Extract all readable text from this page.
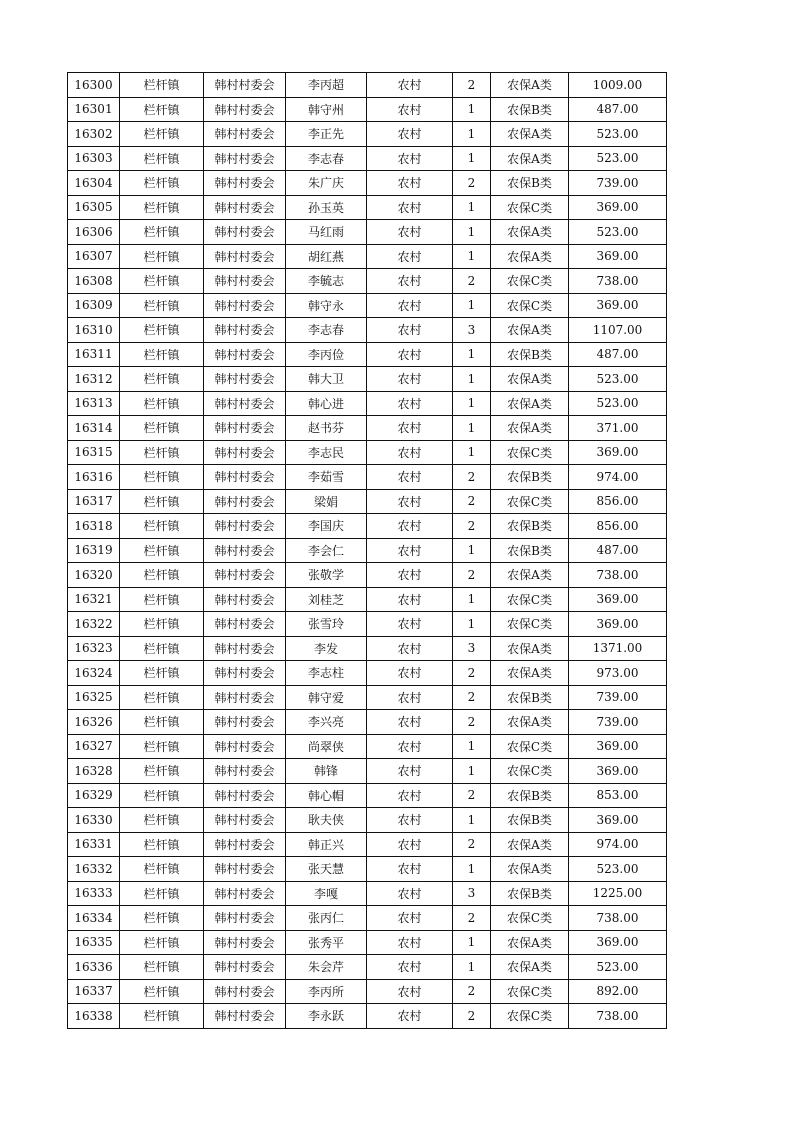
16300	栏杆镇	韩村村委会	李丙超	农村	2	农保A类	1009.00
16301	栏杆镇	韩村村委会	韩守州	农村	1	农保B类	487.00
16302	栏杆镇	韩村村委会	李正先	农村	1	农保A类	523.00
16303	栏杆镇	韩村村委会	李志春	农村	1	农保A类	523.00
16304	栏杆镇	韩村村委会	朱广庆	农村	2	农保B类	739.00
16305	栏杆镇	韩村村委会	孙玉英	农村	1	农保C类	369.00
16306	栏杆镇	韩村村委会	马红雨	农村	1	农保A类	523.00
16307	栏杆镇	韩村村委会	胡红燕	农村	1	农保A类	369.00
16308	栏杆镇	韩村村委会	李毓志	农村	2	农保C类	738.00
16309	栏杆镇	韩村村委会	韩守永	农村	1	农保C类	369.00
16310	栏杆镇	韩村村委会	李志春	农村	3	农保A类	1107.00
16311	栏杆镇	韩村村委会	李丙俭	农村	1	农保B类	487.00
16312	栏杆镇	韩村村委会	韩大卫	农村	1	农保A类	523.00
16313	栏杆镇	韩村村委会	韩心进	农村	1	农保A类	523.00
16314	栏杆镇	韩村村委会	赵书芬	农村	1	农保A类	371.00
16315	栏杆镇	韩村村委会	李志民	农村	1	农保C类	369.00
16316	栏杆镇	韩村村委会	李茹雪	农村	2	农保B类	974.00
16317	栏杆镇	韩村村委会	梁娟	农村	2	农保C类	856.00
16318	栏杆镇	韩村村委会	李国庆	农村	2	农保B类	856.00
16319	栏杆镇	韩村村委会	李会仁	农村	1	农保B类	487.00
16320	栏杆镇	韩村村委会	张敬学	农村	2	农保A类	738.00
16321	栏杆镇	韩村村委会	刘桂芝	农村	1	农保C类	369.00
16322	栏杆镇	韩村村委会	张雪玲	农村	1	农保C类	369.00
16323	栏杆镇	韩村村委会	李发	农村	3	农保A类	1371.00
16324	栏杆镇	韩村村委会	李志柱	农村	2	农保A类	973.00
16325	栏杆镇	韩村村委会	韩守爱	农村	2	农保B类	739.00
16326	栏杆镇	韩村村委会	李兴亮	农村	2	农保A类	739.00
16327	栏杆镇	韩村村委会	尚翠侠	农村	1	农保C类	369.00
16328	栏杆镇	韩村村委会	韩锋	农村	1	农保C类	369.00
16329	栏杆镇	韩村村委会	韩心帽	农村	2	农保B类	853.00
16330	栏杆镇	韩村村委会	耿夫侠	农村	1	农保B类	369.00
16331	栏杆镇	韩村村委会	韩正兴	农村	2	农保A类	974.00
16332	栏杆镇	韩村村委会	张天慧	农村	1	农保A类	523.00
16333	栏杆镇	韩村村委会	李嘎	农村	3	农保B类	1225.00
16334	栏杆镇	韩村村委会	张丙仁	农村	2	农保C类	738.00
16335	栏杆镇	韩村村委会	张秀平	农村	1	农保A类	369.00
16336	栏杆镇	韩村村委会	朱会芹	农村	1	农保A类	523.00
16337	栏杆镇	韩村村委会	李丙所	农村	2	农保C类	892.00
16338	栏杆镇	韩村村委会	李永跃	农村	2	农保C类	738.00
